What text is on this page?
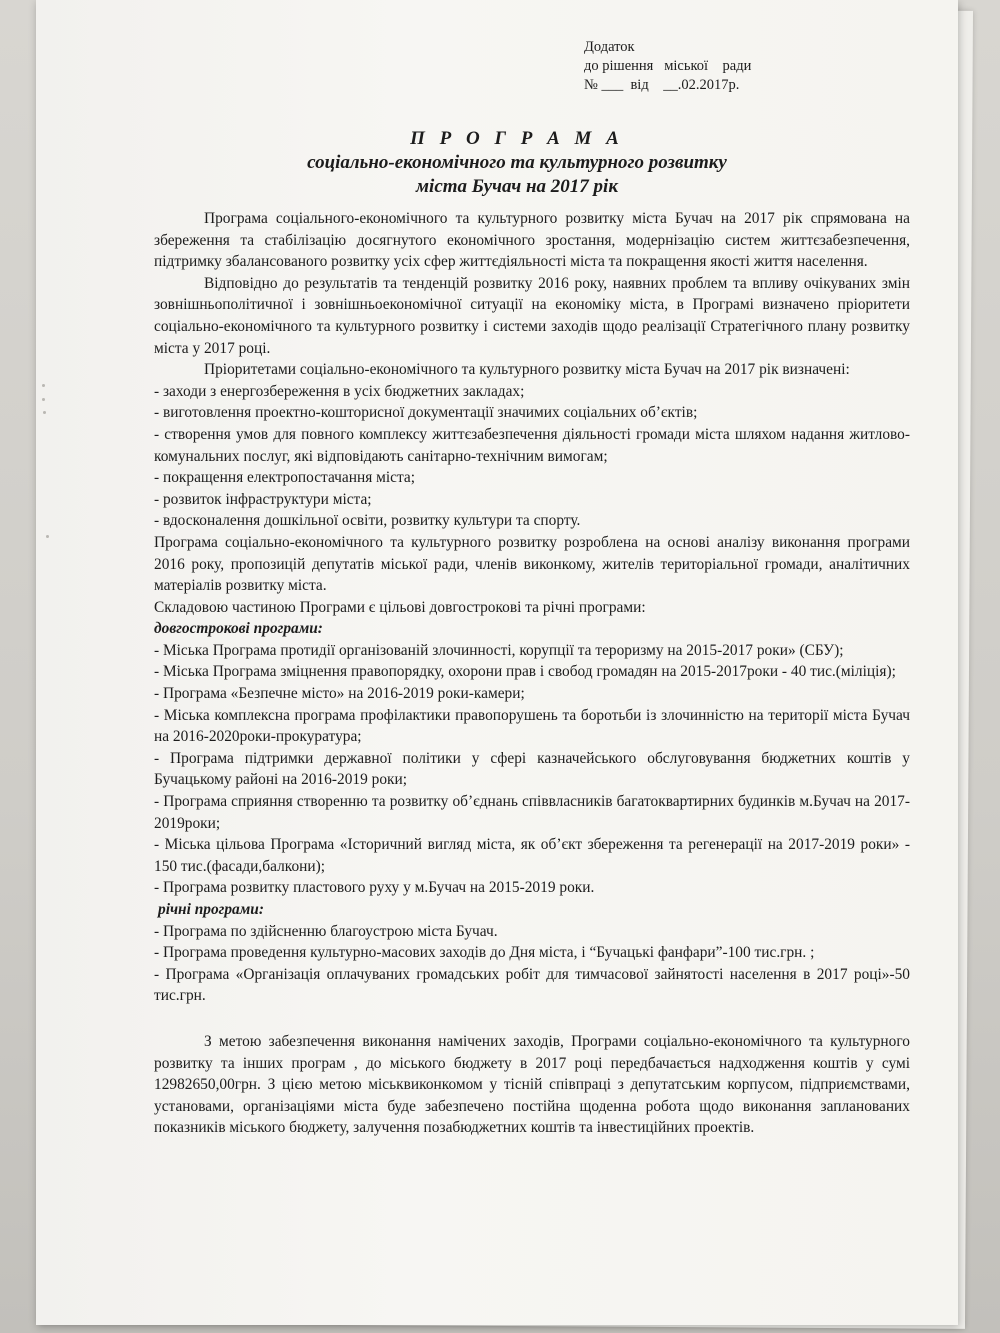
Додаток
до рішення   міської    ради
№ ___  від    __.02.2017р.
П Р О Г Р А М А
соціально-економічного та культурного розвитку
міста Бучач на 2017 рік

Програма соціального-економічного та культурного розвитку міста Бучач на 2017 рік спрямована на збереження та стабілізацію досягнутого економічного зростання, модернізацію систем життєзабезпечення, підтримку збалансованого розвитку усіх сфер життєдіяльності міста та покращення якості життя населення.

Відповідно до результатів та тенденцій розвитку 2016 року, наявних проблем та впливу очікуваних змін зовнішньополітичної і зовнішньоекономічної ситуації на економіку міста, в Програмі визначено пріоритети соціально-економічного та культурного розвитку і системи заходів щодо реалізації Стратегічного плану розвитку міста у 2017 році.

Пріоритетами соціально-економічного та культурного розвитку міста Бучач на 2017 рік визначені:

- заходи з енергозбереження в усіх бюджетних закладах;

- виготовлення проектно-кошторисної документації значимих соціальних об’єктів;

- створення умов для повного комплексу життєзабезпечення діяльності громади міста шляхом надання житлово-комунальних послуг, які відповідають санітарно-технічним вимогам;

- покращення електропостачання міста;

- розвиток інфраструктури міста;

- вдосконалення дошкільної освіти, розвитку культури та спорту.

Програма соціально-економічного та культурного розвитку розроблена на основі аналізу виконання програми 2016 року, пропозицій депутатів міської ради, членів виконкому, жителів територіальної громади, аналітичних матеріалів розвитку міста.

Складовою частиною Програми є цільові довгострокові та річні програми:

довгострокові програми:

- Міська Програма протидії організованій злочинності, корупції та тероризму на 2015-2017 роки» (СБУ);

- Міська Програма зміцнення правопорядку, охорони прав і свобод громадян на 2015-2017роки - 40 тис.(міліція);

- Програма «Безпечне місто» на 2016-2019 роки-камери;

- Міська комплексна програма профілактики правопорушень та боротьби із злочинністю на території міста Бучач на 2016-2020роки-прокуратура;

- Програма підтримки державної політики у сфері казначейського обслуговування бюджетних коштів у Бучацькому районі на 2016-2019 роки;

- Програма сприяння створенню та розвитку об’єднань співвласників багатоквартирних будинків м.Бучач на 2017-2019роки;

- Міська цільова Програма «Історичний вигляд міста, як об’єкт збереження та регенерації на 2017-2019 роки» - 150 тис.(фасади,балкони);

- Програма розвитку пластового руху у м.Бучач на 2015-2019 роки.

річні програми:

- Програма по здійсненню благоустрою міста Бучач.

- Програма проведення культурно-масових заходів до Дня міста, і “Бучацькі фанфари”-100 тис.грн. ;

- Програма «Організація оплачуваних громадських робіт для тимчасової зайнятості населення в 2017 році»-50 тис.грн.

З метою забезпечення виконання намічених заходів, Програми соціально-економічного та культурного розвитку та інших програм , до міського бюджету в 2017 році передбачається надходження коштів у сумі 12982650,00грн. З цією метою міськвиконкомом у тісній співпраці з депутатським корпусом, підприємствами, установами, організаціями міста буде забезпечено постійна щоденна робота щодо виконання запланованих показників міського бюджету, залучення позабюджетних коштів та інвестиційних проектів.
